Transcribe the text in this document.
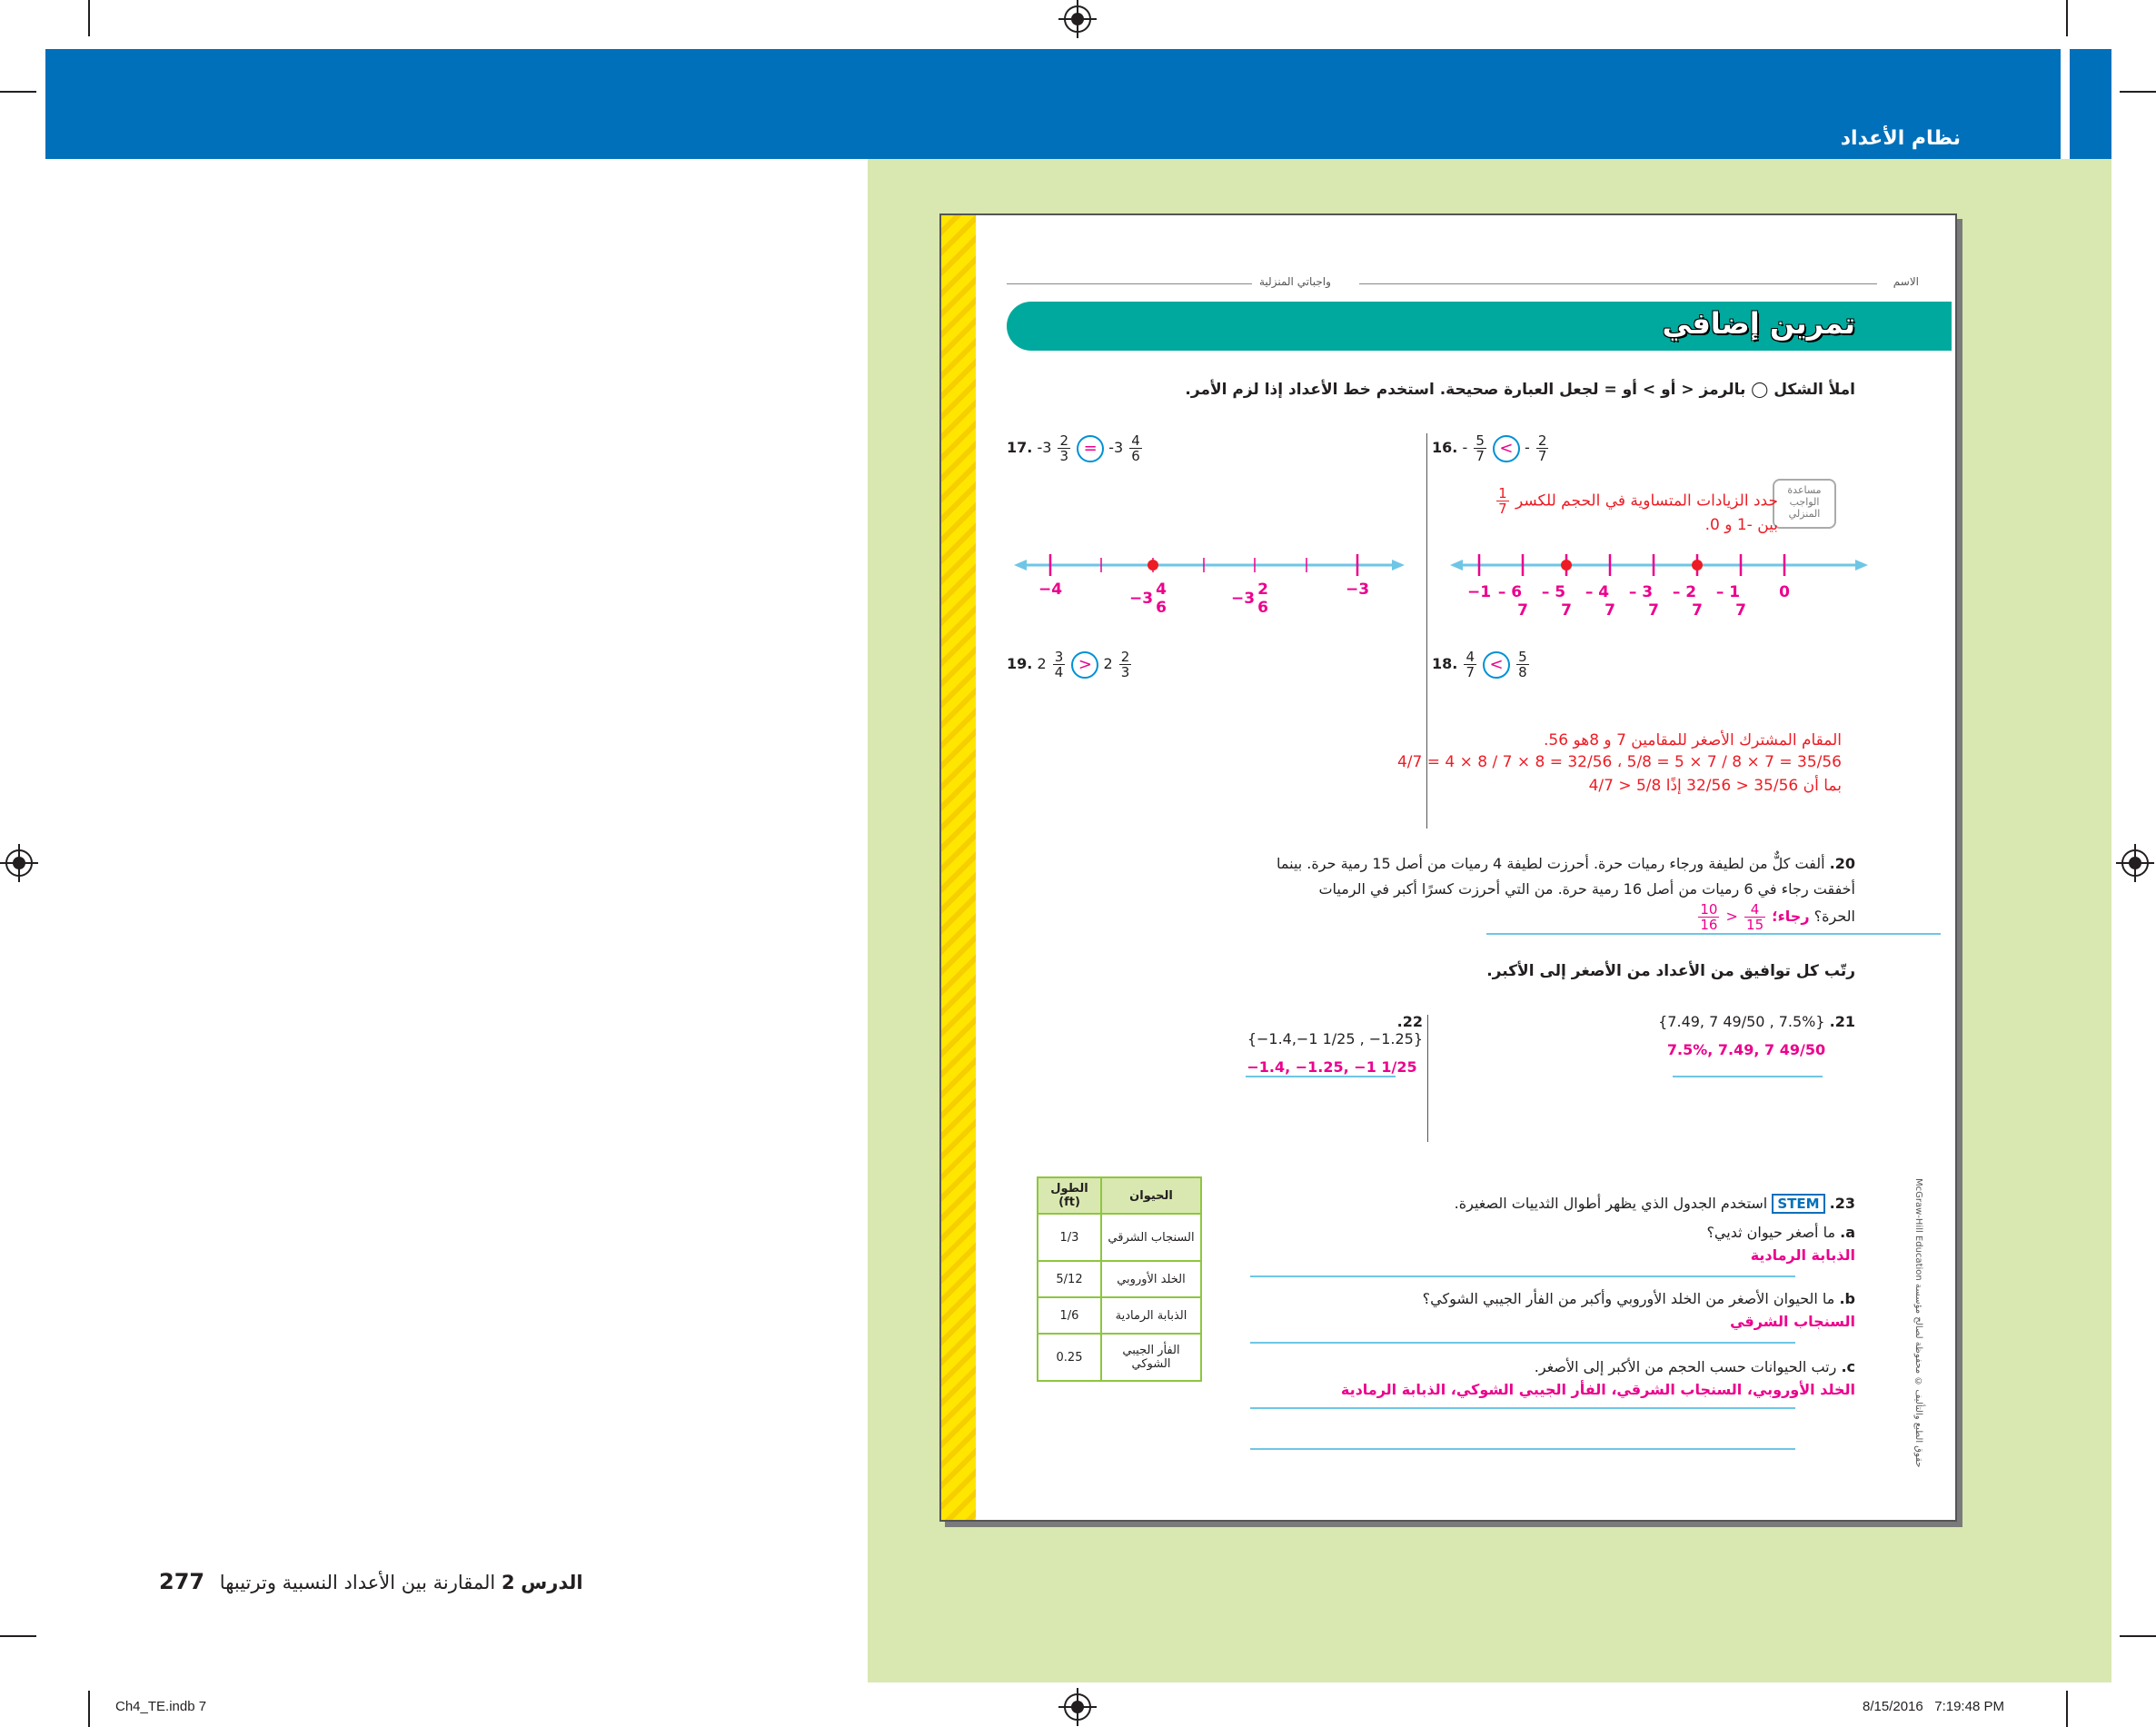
نظام الأعداد
الاسم
واجباتي المنزلية
تمرين إضافي
املأ الشكل ◯ بالرمز < أو > أو = لجعل العبارة صحيحة. استخدم خط الأعداد إذا لزم الأمر.
16. - $\frac{5}{7}$ < - $\frac{2}{7}$
مساعدة الواجب المنزلي
حدد الزيادات المتساوية في الحجم للكسر
$\frac{1}{7}$
بين -1 و 0.
−1 – 6
7
– 5
7
– 4
7
– 3
7
– 2
7
– 1
7
0
17. $-3 \frac{2}{3} = -3 \frac{4}{6}$
−4	−3 4
6	−3 2
6
−3
18. $\frac{4}{7} < \frac{5}{8}$
المقام المشترك الأصغر للمقامين 7 و 8هو 56.
4/7 = 4 × 8 / 7 × 8 = 32/56 ، 5/8 = 5 × 7 / 8 × 7 = 35/56
بما أن 35/56 < 32/56 إذًا 5/8 < 4/7
19. $2 \frac{3}{4} > 2 \frac{2}{3}$
20. ألفت كلٌّ من لطيفة ورجاء رميات حرة. أحرزت لطيفة 4 رميات من أصل 15 رمية حرة. بينما
أخفقت رجاء في 6 رميات من أصل 16 رمية حرة. من التي أحرزت كسرًا أكبر في الرميات
الحرة؟ رجاء؛
$\frac{10}{16} > \frac{4}{15}$
رتّب كل توافيق من الأعداد من الأصغر إلى الأكبر.
21. {7.49, 7 49/50 , 7.5%}
7.5%, 7.49, 7 49/50
22. {−1.4,−1 1/25 , −1.25}
−1.4, −1.25, −1 1/25
23. STEM استخدم الجدول الذي يظهر أطوال الثدييات الصغيرة.
a. ما أصغر حيوان ثديي؟
الذبابة الرمادية
b. ما الحيوان الأصغر من الخلد الأوروبي وأكبر من الفأر الجيبي الشوكي؟
السنجاب الشرقي
c. رتب الحيوانات حسب الحجم من الأكبر إلى الأصغر.
الخلد الأوروبي، السنجاب الشرقي، الفأر الجيبي الشوكي، الذبابة الرمادية
الحيوان	الطول
(ft)

السنجاب الشرقي	1/3
الخلد الأوروبي	5/12
الذبابة الرمادية	1/6
الفأر الجيبي الشوكي	0.25
McGraw-Hill Education حقوق الطبع والتأليف © محفوظة لصالح مؤسسة
الدرس 2 المقارنة بين الأعداد النسبية وترتيبها 277
Ch4_TE.indb 7	8/15/2016   7:19:48 PM
